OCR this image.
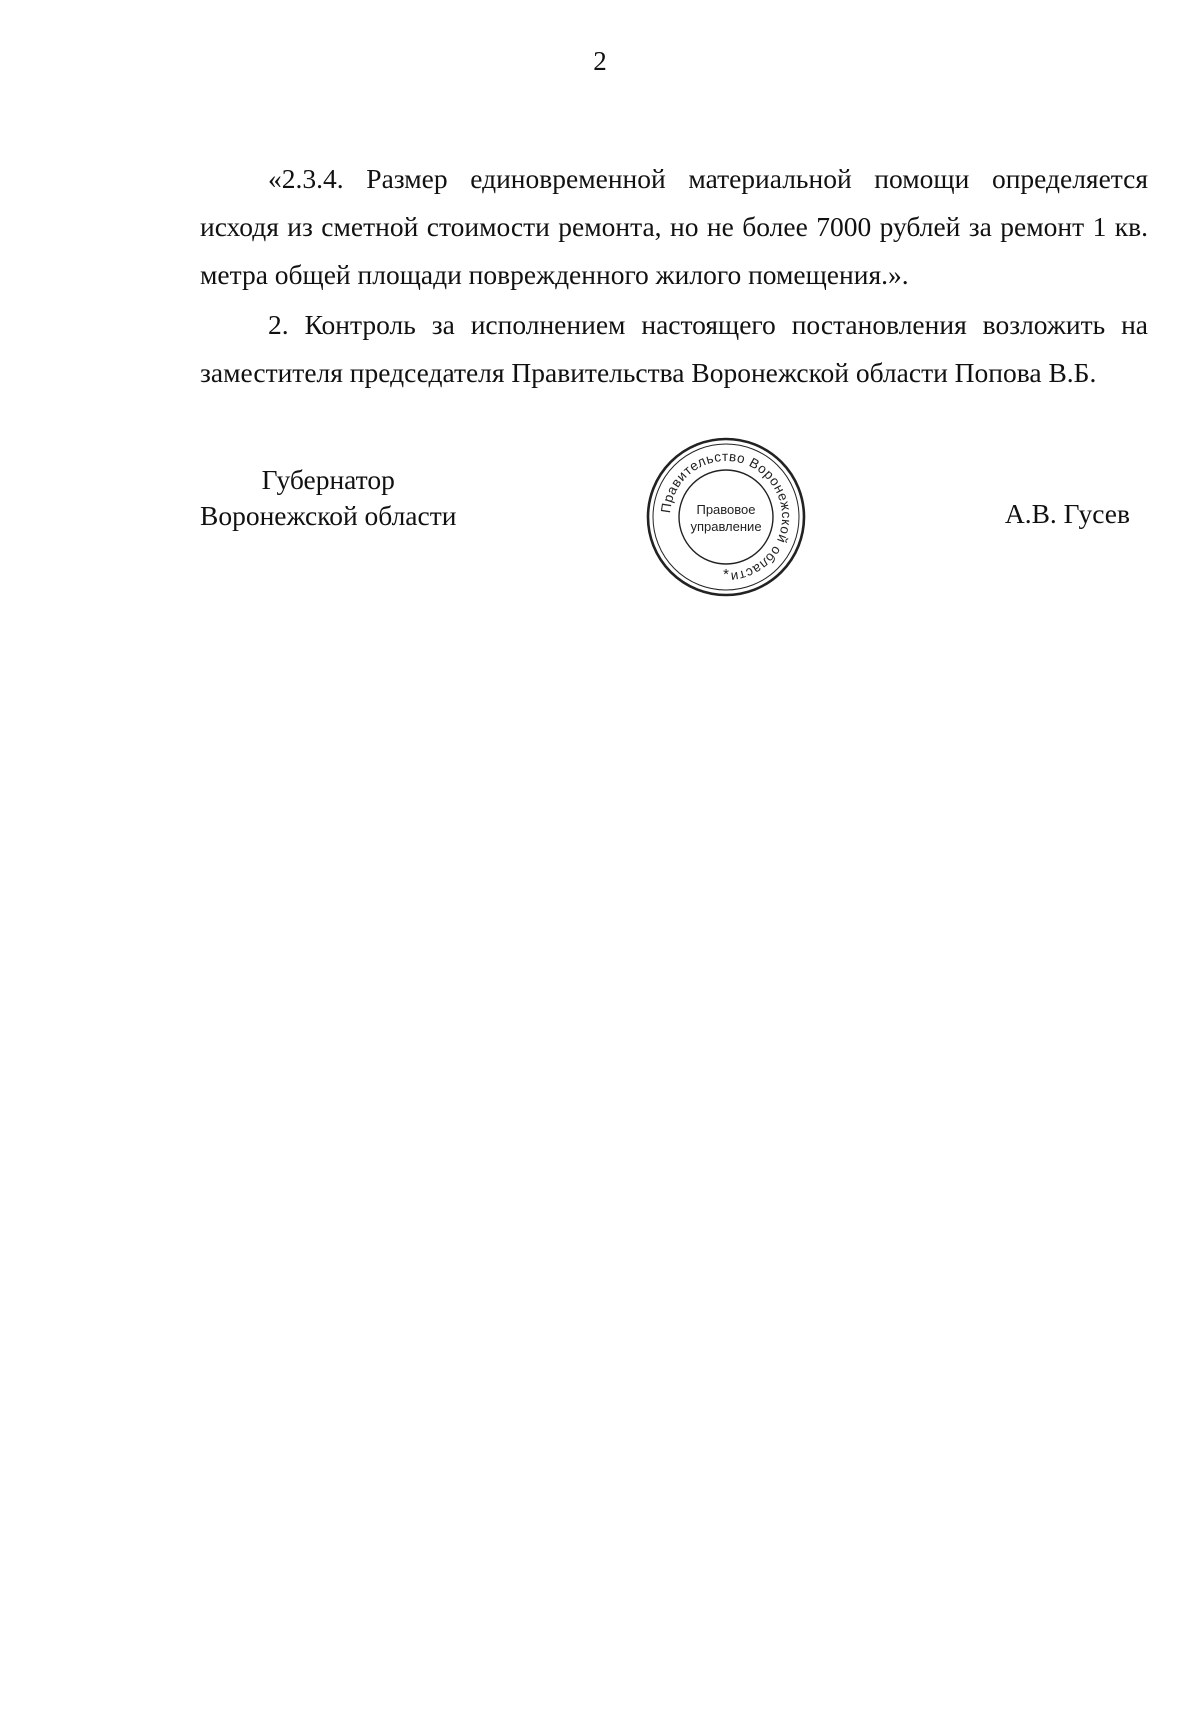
2

«2.3.4. Размер единовременной материальной помощи определяется исходя из сметной стоимости ремонта, но не более 7000 рублей за ремонт 1 кв. метра общей площади поврежденного жилого помещения.».

2. Контроль за исполнением настоящего постановления возложить на заместителя председателя Правительства Воронежской области Попова В.Б.

Губернатор
Воронежской области	Правительство Воронежской области
Правовое
управление
*
А.В. Гусев
